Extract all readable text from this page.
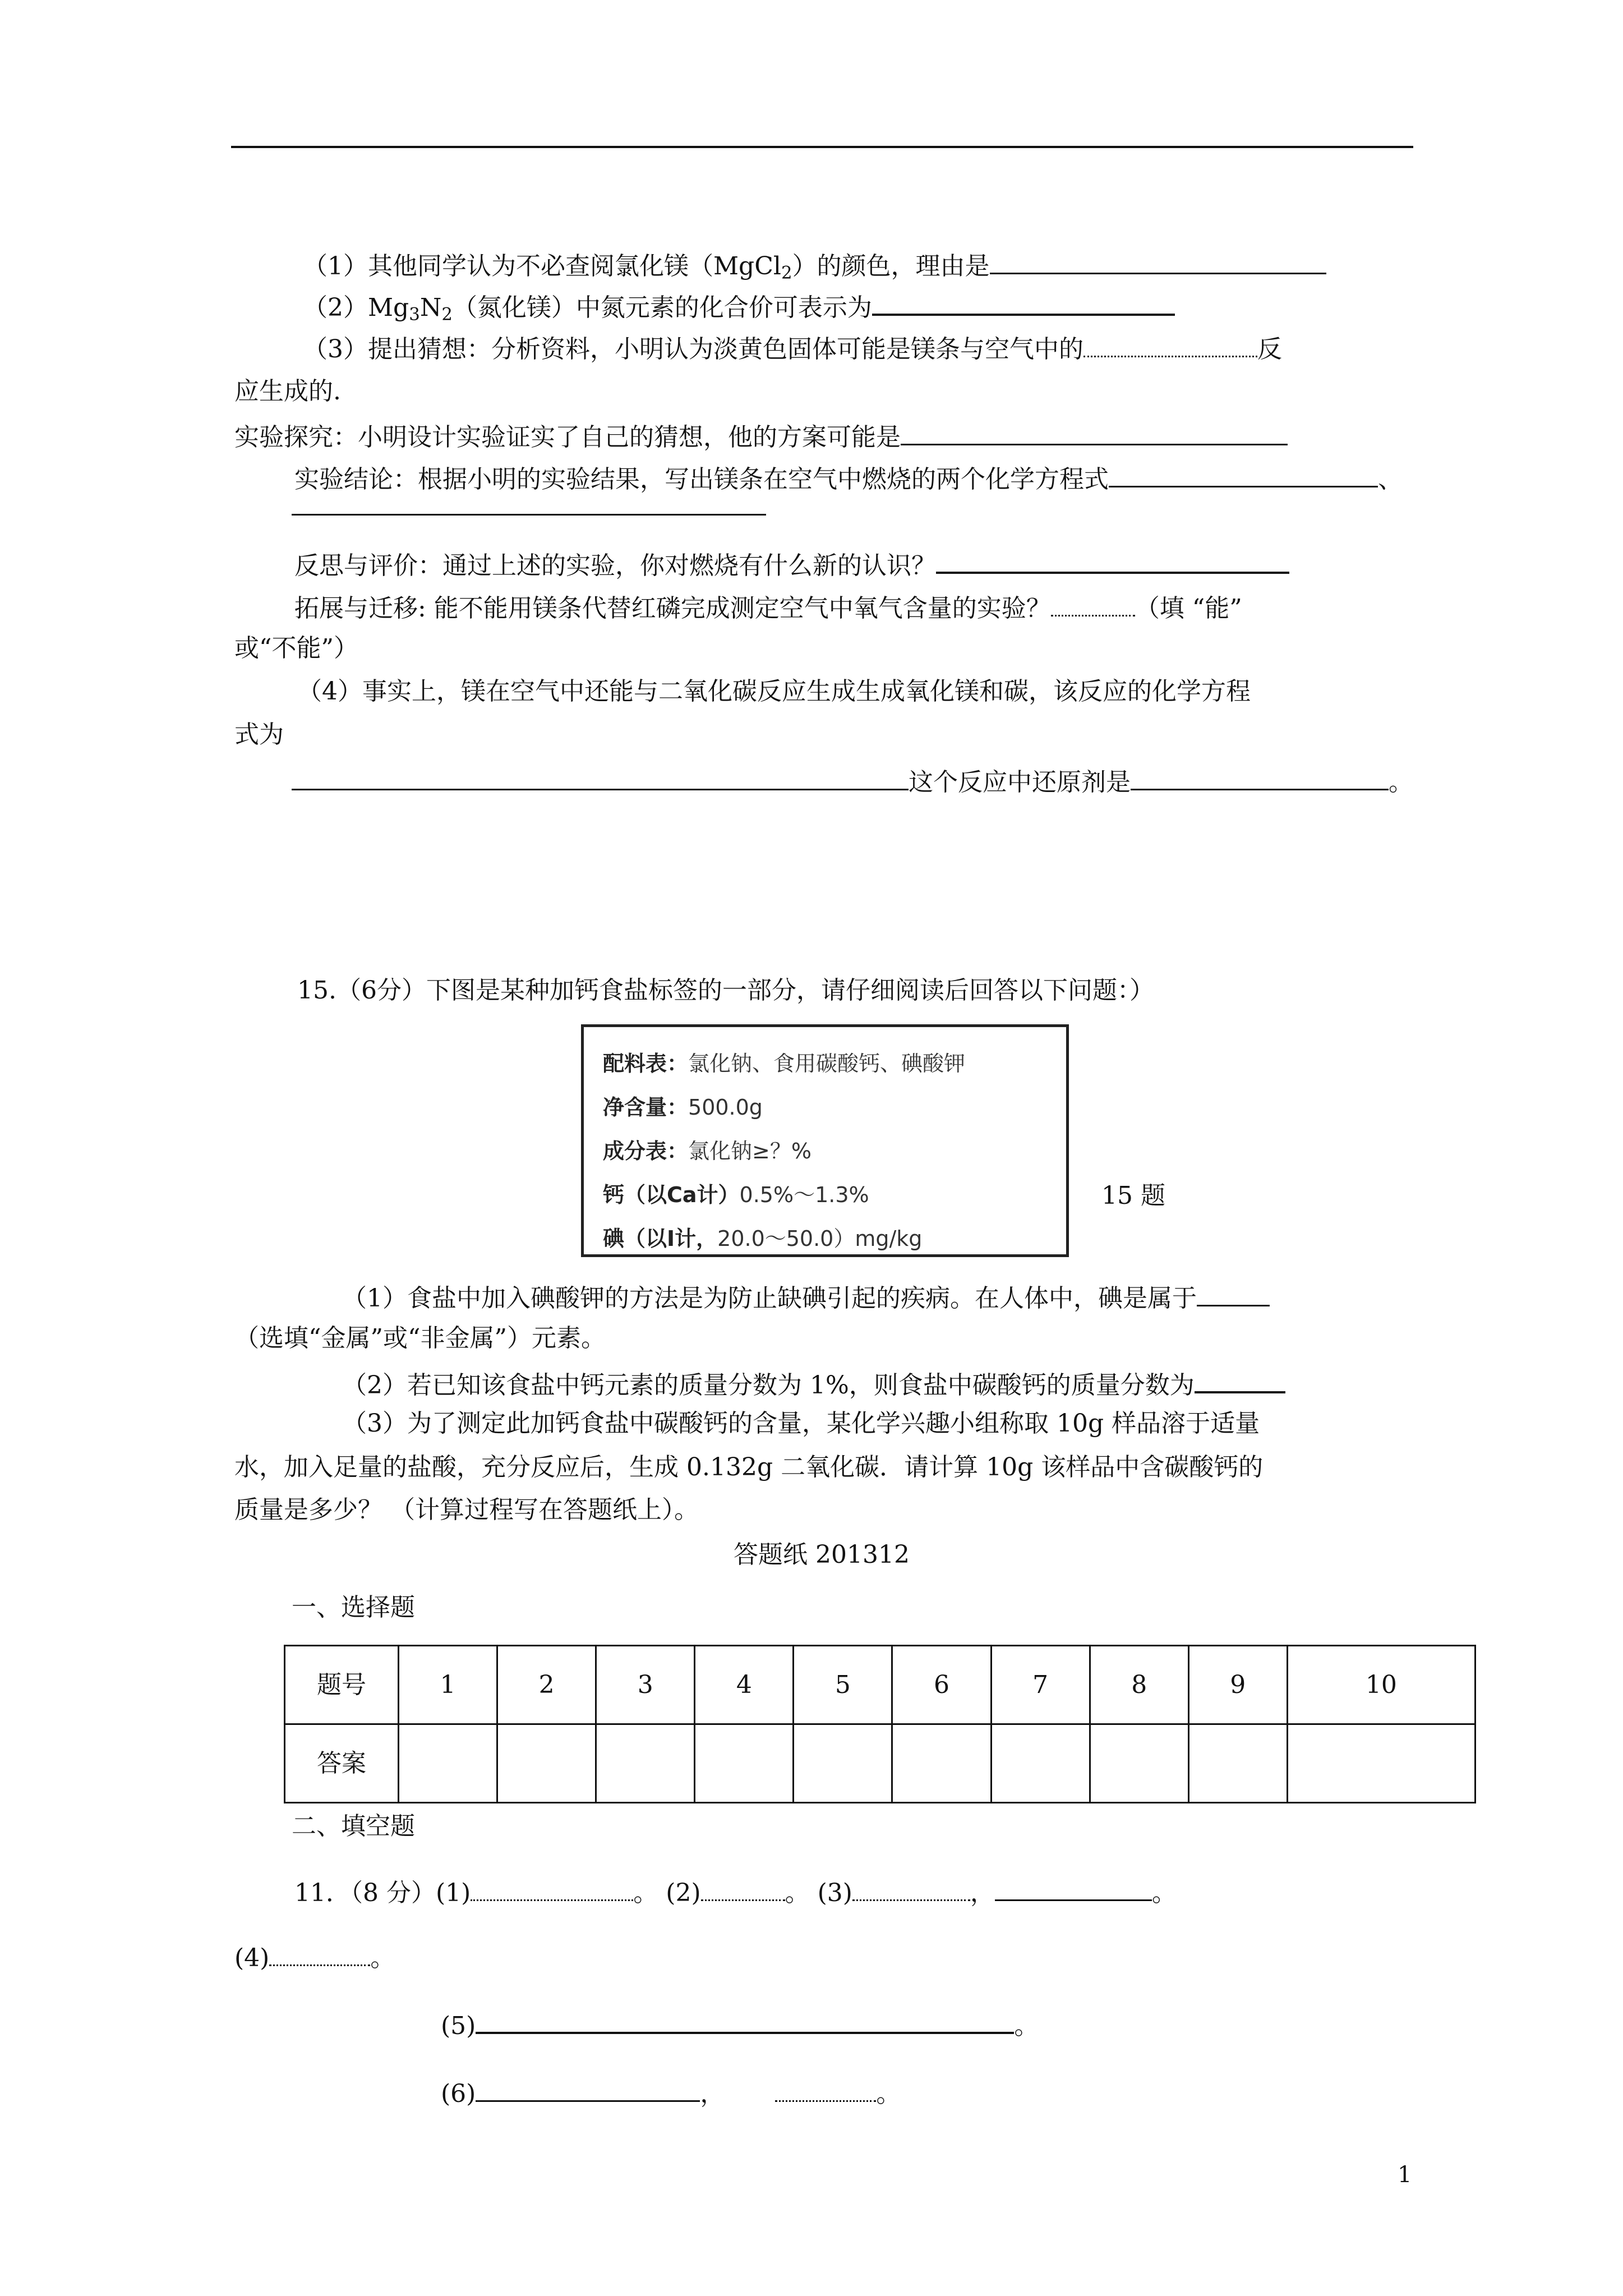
（1）其他同学认为不必查阅氯化镁（MgCl$_2$）的颜色，理由是
$(2)Mg_3N_2$（氮化镁）中氮元素的化合价可表示为
（3）提出猜想：分析资料，小明认为淡黄色固体可能是镁条与空气中的	反
应生成的.
实验探究：小明设计实验证实了自己的猜想，他的方案可能是
实验结论：根据小明的实验结果，写出镁条在空气中燃烧的两个化学方程式	、
反思与评价：通过上述的实验，你对燃烧有什么新的认识？
拓展与迁移: 能不能用镁条代替红磷完成测定空气中氧气含量的实验？	（填 “能”
或“不能”）
（4）事实上，镁在空气中还能与二氧化碳反应生成生成氧化镁和碳，该反应的化学方程
式为
这个反应中还原剂是	。
15.（6分）下图是某种加钙食盐标签的一部分，请仔细阅读后回答以下问题：）
配料表：氯化钠、食用碳酸钙、碘酸钾
净含量：500.0g
成分表：氯化钠≥？%
钙（以Ca计）0.5%～1.3%
碘（以I计，20.0～50.0）mg/kg
15 题
（1）食盐中加入碘酸钾的方法是为防止缺碘引起的疾病。在人体中，碘是属于
（选填“金属”或“非金属”）元素。
（2）若已知该食盐中钙元素的质量分数为 1%，则食盐中碳酸钙的质量分数为
（3）为了测定此加钙食盐中碳酸钙的含量，某化学兴趣小组称取 10g 样品溶于适量
水，加入足量的盐酸，充分反应后，生成 0.132g 二氧化碳．请计算 10g 该样品中含碳酸钙的
质量是多少？ （计算过程写在答题纸上）。
答题纸 201312
一、选择题
题号	1	2	3	4	5	6	7	8	9	10
答案										
二、填空题
11．（8 分）(1)	。 (2)	。 (3)	，	。
(4)	。
(5)	。
(6)	，	。
1
